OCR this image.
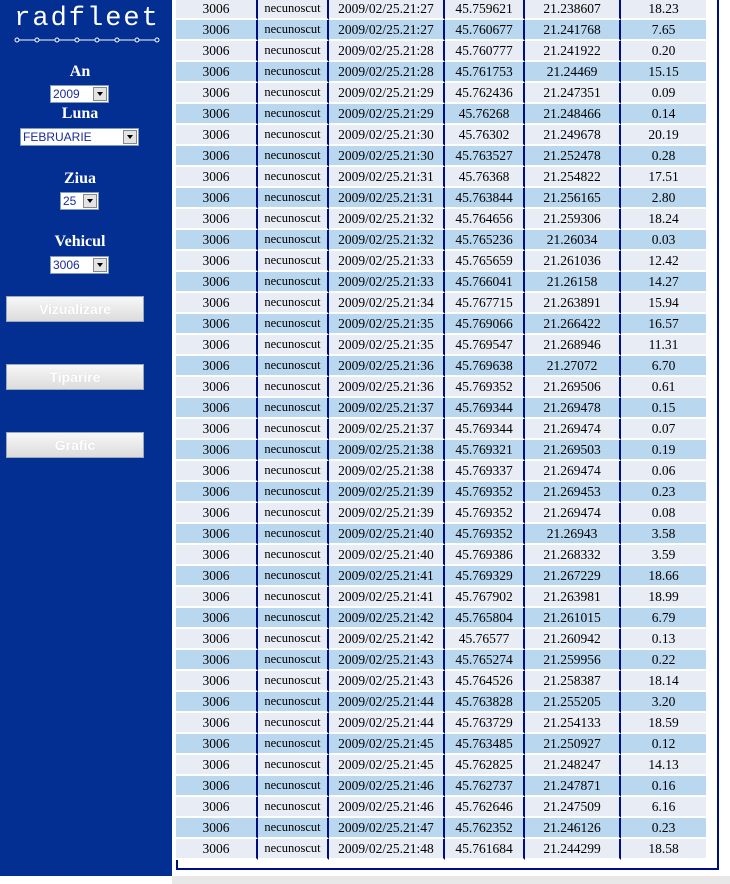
radfleet
An
2009
Luna
FEBRUARIE
Ziua
25
Vehicul
3006
Vizualizare
Tiparire
Grafic
3006	necunoscut	2009/02/25.21:27	45.759621	21.238607	18.23
3006	necunoscut	2009/02/25.21:27	45.760677	21.241768	7.65
3006	necunoscut	2009/02/25.21:28	45.760777	21.241922	0.20
3006	necunoscut	2009/02/25.21:28	45.761753	21.24469	15.15
3006	necunoscut	2009/02/25.21:29	45.762436	21.247351	0.09
3006	necunoscut	2009/02/25.21:29	45.76268	21.248466	0.14
3006	necunoscut	2009/02/25.21:30	45.76302	21.249678	20.19
3006	necunoscut	2009/02/25.21:30	45.763527	21.252478	0.28
3006	necunoscut	2009/02/25.21:31	45.76368	21.254822	17.51
3006	necunoscut	2009/02/25.21:31	45.763844	21.256165	2.80
3006	necunoscut	2009/02/25.21:32	45.764656	21.259306	18.24
3006	necunoscut	2009/02/25.21:32	45.765236	21.26034	0.03
3006	necunoscut	2009/02/25.21:33	45.765659	21.261036	12.42
3006	necunoscut	2009/02/25.21:33	45.766041	21.26158	14.27
3006	necunoscut	2009/02/25.21:34	45.767715	21.263891	15.94
3006	necunoscut	2009/02/25.21:35	45.769066	21.266422	16.57
3006	necunoscut	2009/02/25.21:35	45.769547	21.268946	11.31
3006	necunoscut	2009/02/25.21:36	45.769638	21.27072	6.70
3006	necunoscut	2009/02/25.21:36	45.769352	21.269506	0.61
3006	necunoscut	2009/02/25.21:37	45.769344	21.269478	0.15
3006	necunoscut	2009/02/25.21:37	45.769344	21.269474	0.07
3006	necunoscut	2009/02/25.21:38	45.769321	21.269503	0.19
3006	necunoscut	2009/02/25.21:38	45.769337	21.269474	0.06
3006	necunoscut	2009/02/25.21:39	45.769352	21.269453	0.23
3006	necunoscut	2009/02/25.21:39	45.769352	21.269474	0.08
3006	necunoscut	2009/02/25.21:40	45.769352	21.26943	3.58
3006	necunoscut	2009/02/25.21:40	45.769386	21.268332	3.59
3006	necunoscut	2009/02/25.21:41	45.769329	21.267229	18.66
3006	necunoscut	2009/02/25.21:41	45.767902	21.263981	18.99
3006	necunoscut	2009/02/25.21:42	45.765804	21.261015	6.79
3006	necunoscut	2009/02/25.21:42	45.76577	21.260942	0.13
3006	necunoscut	2009/02/25.21:43	45.765274	21.259956	0.22
3006	necunoscut	2009/02/25.21:43	45.764526	21.258387	18.14
3006	necunoscut	2009/02/25.21:44	45.763828	21.255205	3.20
3006	necunoscut	2009/02/25.21:44	45.763729	21.254133	18.59
3006	necunoscut	2009/02/25.21:45	45.763485	21.250927	0.12
3006	necunoscut	2009/02/25.21:45	45.762825	21.248247	14.13
3006	necunoscut	2009/02/25.21:46	45.762737	21.247871	0.16
3006	necunoscut	2009/02/25.21:46	45.762646	21.247509	6.16
3006	necunoscut	2009/02/25.21:47	45.762352	21.246126	0.23
3006	necunoscut	2009/02/25.21:48	45.761684	21.244299	18.58
